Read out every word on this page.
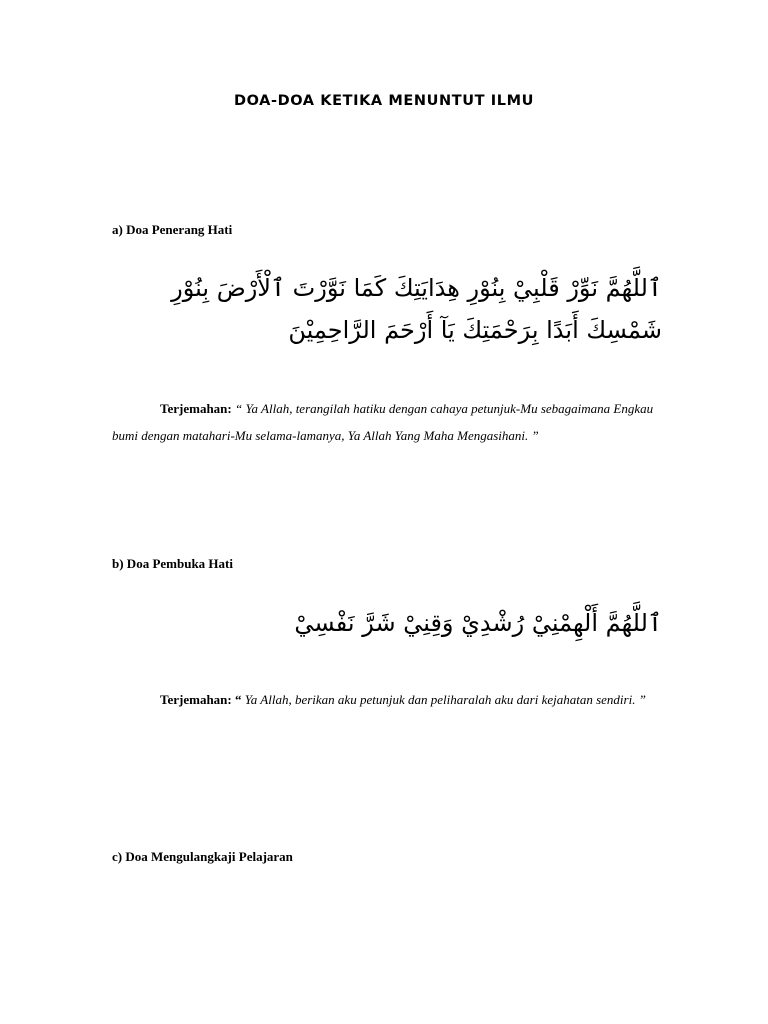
DOA-DOA KETIKA MENUNTUT ILMU
a) Doa Penerang Hati
ٱللَّهُمَّ نَوِّرْ قَلْبِيْ بِنُوْرِ هِدَايَتِكَ كَمَا نَوَّرْتَ ٱلْأَرْضَ بِنُوْرِ
شَمْسِكَ أَبَدًا بِرَحْمَتِكَ يَآ أَرْحَمَ الرَّاحِمِيْنَ
Terjemahan: “ Ya Allah, terangilah hatiku dengan cahaya petunjuk-Mu sebagaimana Engkau bumi dengan matahari-Mu selama-lamanya, Ya Allah Yang Maha Mengasihani. ”
b) Doa Pembuka Hati
ٱللَّهُمَّ أَلْهِمْنِيْ رُشْدِيْ وَقِنِيْ شَرَّ نَفْسِيْ
Terjemahan: “ Ya Allah, berikan aku petunjuk dan peliharalah aku dari kejahatan sendiri. ”
c) Doa Mengulangkaji Pelajaran
